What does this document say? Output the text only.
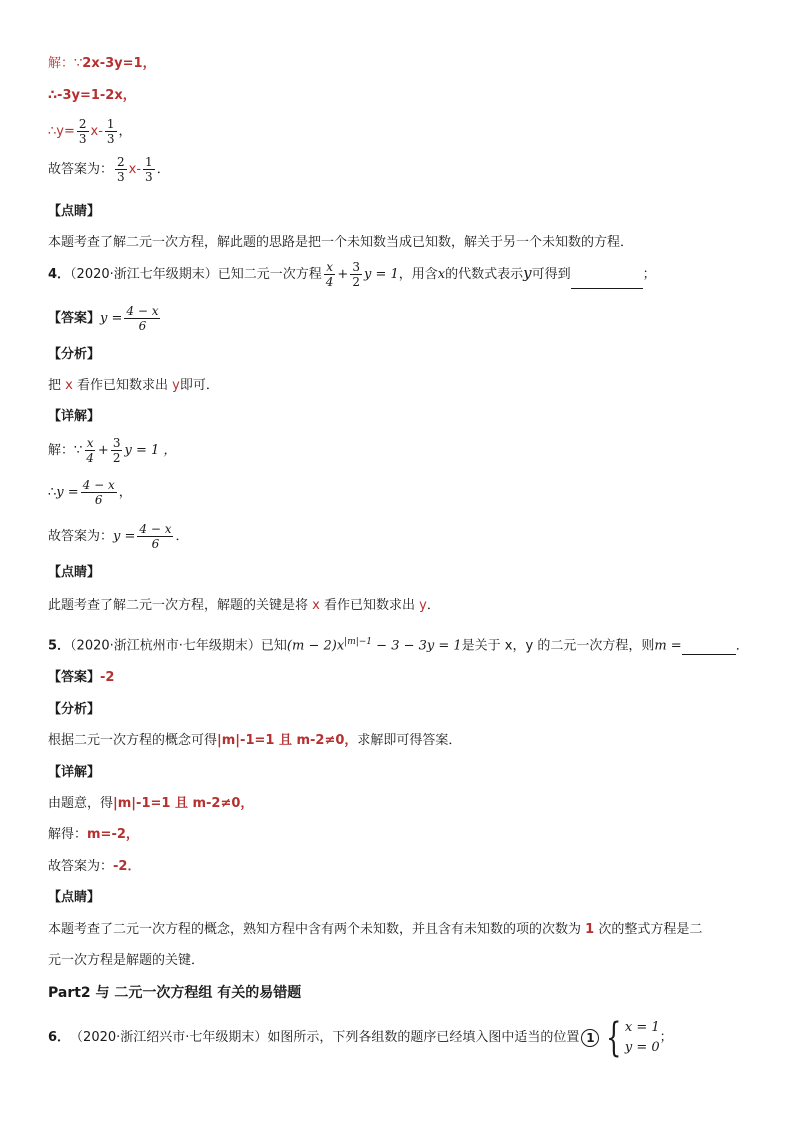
解：∵2x-3y=1，
∴-3y=1-2x，
∴y= $\frac{2}{3} x- \frac{1}{3}$ ，
故答案为： $\frac{2}{3} x- \frac{1}{3}$ ．
【点睛】
本题考查了解二元一次方程，解此题的思路是把一个未知数当成已知数，解关于另一个未知数的方程．
4．（2020·浙江七年级期末）已知二元一次方程 $\frac{x}{4} + \frac{3}{2}$ y = 1，用含x的代数式表示y可得到	；
【答案】$y = \frac{4 - x}{6}$
【分析】
把 x 看作已知数求出 y即可．
【详解】
解：∵ $\frac{x}{4} + \frac{3}{2}$ y = 1 ，
∴y = $\frac{4 - x}{6}$ ，
故答案为：$y = \frac{4 - x}{6}$ ．
【点睛】
此题考查了解二元一次方程，解题的关键是将 x 看作已知数求出 y．
5．（2020·浙江杭州市·七年级期末）已知$(m - 2)x^{|m|-1} - 3 - 3y = 1$是关于 x，y 的二元一次方程，则m =	．
【答案】-2
【分析】
根据二元一次方程的概念可得|m|-1=1 且 m-2≠0，求解即可得答案．
【详解】
由题意，得|m|-1=1 且 m-2≠0，
解得：m=-2，
故答案为：-2．
【点睛】
本题考查了二元一次方程的概念，熟知方程中含有两个未知数，并且含有未知数的项的次数为 1 次的整式方程是二
元一次方程是解题的关键．
Part2 与 二元一次方程组 有关的易错题
6． （2020·浙江绍兴市·七年级期末） 如图所示，下列各组数的题序已经填入图中适当的位置 1 { x = 1
y = 0
；
